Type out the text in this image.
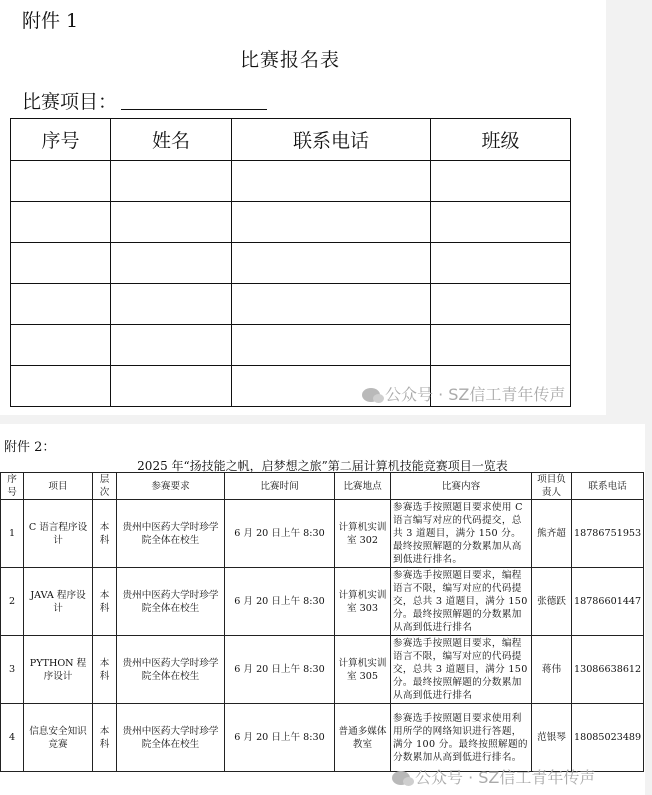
附件 1
比赛报名表
比赛项目：
序号	姓名	联系电话	班级

公众号 · SZ信工青年传声
附件 2：
2025 年“扬技能之帆，启梦想之旅”第二届计算机技能竞赛项目一览表
序号	项目	层次	参赛要求	比赛时间	比赛地点	比赛内容	项目负责人	联系电话
1	C 语言程序设计	本科	贵州中医药大学时珍学院全体在校生	6 月 20 日上午 8:30	计算机实训室 302	参赛选手按照题目要求使用 C语言编写对应的代码提交，总共 3 道题目，满分 150 分。最终按照解题的分数累加从高到低进行排名。	熊齐超	18786751953
2	JAVA 程序设计	本科	贵州中医药大学时珍学院全体在校生	6 月 20 日上午 8:30	计算机实训室 303	参赛选手按照题目要求，编程语言不限，编写对应的代码提交，总共 3 道题目，满分 150 分。最终按照解题的分数累加从高到低进行排名	张德跃	18786601447
3	PYTHON 程序设计	本科	贵州中医药大学时珍学院全体在校生	6 月 20 日上午 8:30	计算机实训室 305	参赛选手按照题目要求，编程语言不限，编写对应的代码提交，总共 3 道题目，满分 150 分。最终按照解题的分数累加从高到低进行排名	蒋伟	13086638612
4	信息安全知识竞赛	本科	贵州中医药大学时珍学院全体在校生	6 月 20 日上午 8:30	普通多媒体教室	参赛选手按照题目要求使用利用所学的网络知识进行答题，满分 100 分。最终按照解题的分数累加从高到低进行排名。	范银琴	18085023489
公众号 · SZ信工青年传声
